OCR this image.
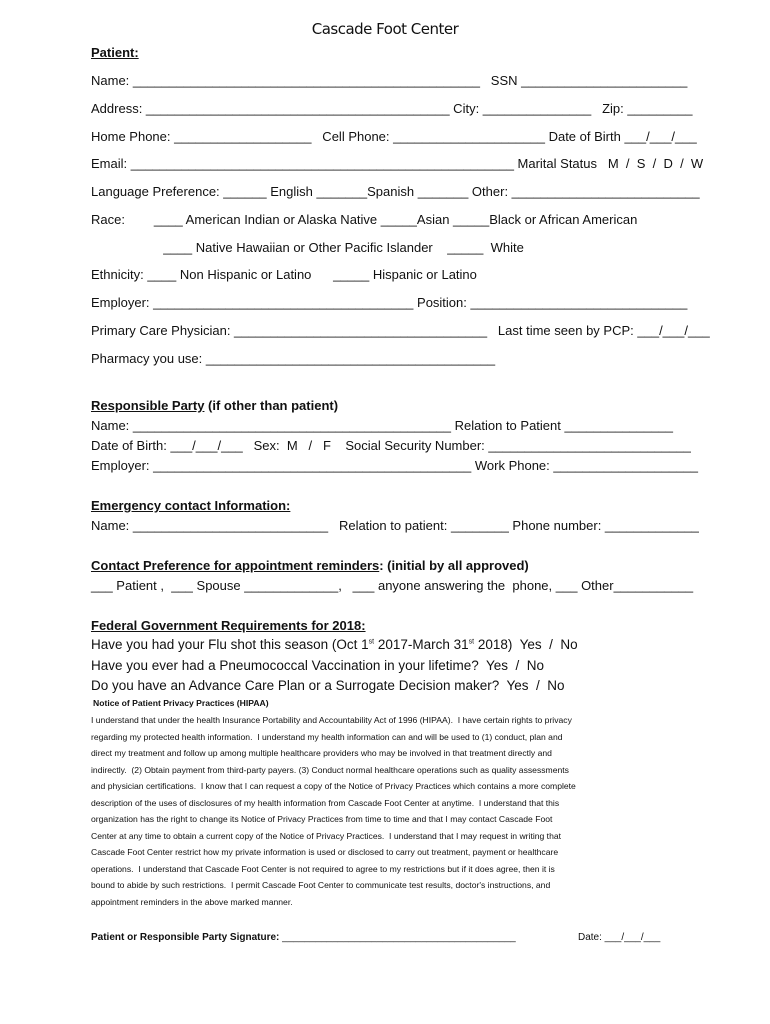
Cascade Foot Center
Patient:
Name: ________________________________________________   SSN _______________________
Address: __________________________________________ City: _______________   Zip: _________
Home Phone: ___________________   Cell Phone: _____________________ Date of Birth ___/___/___
Email: _____________________________________________________ Marital Status   M  /  S  /  D  /  W
Language Preference: ______ English _______Spanish _______ Other: __________________________
Race:        ____ American Indian or Alaska Native _____Asian _____Black or African American
____ Native Hawaiian or Other Pacific Islander    _____  White
Ethnicity: ____ Non Hispanic or Latino      _____ Hispanic or Latino
Employer: ____________________________________ Position: ______________________________
Primary Care Physician: ___________________________________   Last time seen by PCP: ___/___/___
Pharmacy you use: ________________________________________
Responsible Party (if other than patient)
Name: ____________________________________________ Relation to Patient _______________
Date of Birth: ___/___/___   Sex:  M   /   F    Social Security Number: ____________________________
Employer: ____________________________________________ Work Phone: ____________________
Emergency contact Information:
Name: ___________________________   Relation to patient: ________ Phone number: _____________
Contact Preference for appointment reminders: (initial by all approved)
___ Patient ,  ___ Spouse _____________,   ___ anyone answering the  phone, ___ Other___________
Federal Government Requirements for 2018:
Have you had your Flu shot this season (Oct 1st 2017-March 31st 2018)  Yes  /  No
Have you ever had a Pneumococcal Vaccination in your lifetime?  Yes  /  No
Do you have an Advance Care Plan or a Surrogate Decision maker?  Yes  /  No
Notice of Patient Privacy Practices (HIPAA)
I understand that under the health Insurance Portability and Accountability Act of 1996 (HIPAA).  I have certain rights to privacy
regarding my protected health information.  I understand my health information can and will be used to (1) conduct, plan and
direct my treatment and follow up among multiple healthcare providers who may be involved in that treatment directly and
indirectly.  (2) Obtain payment from third-party payers. (3) Conduct normal healthcare operations such as quality assessments
and physician certifications.  I know that I can request a copy of the Notice of Privacy Practices which contains a more complete
description of the uses of disclosures of my health information from Cascade Foot Center at anytime.  I understand that this
organization has the right to change its Notice of Privacy Practices from time to time and that I may contact Cascade Foot
Center at any time to obtain a current copy of the Notice of Privacy Practices.  I understand that I may request in writing that
Cascade Foot Center restrict how my private information is used or disclosed to carry out treatment, payment or healthcare
operations.  I understand that Cascade Foot Center is not required to agree to my restrictions but if it does agree, then it is
bound to abide by such restrictions.  I permit Cascade Foot Center to communicate test results, doctor's instructions, and
appointment reminders in the above marked manner.
Patient or Responsible Party Signature: __________________________________________	Date: ___/___/___
